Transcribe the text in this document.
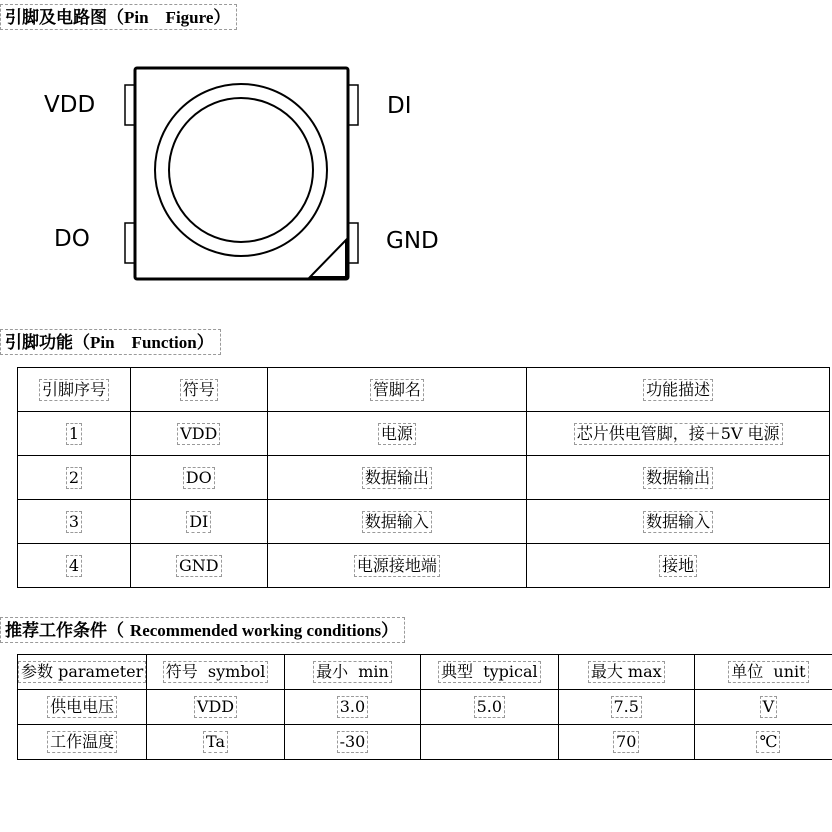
引脚及电路图（Pin    Figure）
VDD	DI
DO	GND
引脚功能（Pin    Function）
引脚序号	符号	管脚名	功能描述
1	VDD	电源	芯片供电管脚，接＋5V 电源
2	DO	数据输出	数据输出
3	DI	数据输入	数据输入
4	GND	电源接地端	接地
推荐工作条件（ Recommended working conditions）
参数 parameter	符号  symbol	最小  min	典型  typical	最大 max	单位  unit
供电电压	VDD	3.0	5.0	7.5	V
工作温度	Ta	-30		70	℃
